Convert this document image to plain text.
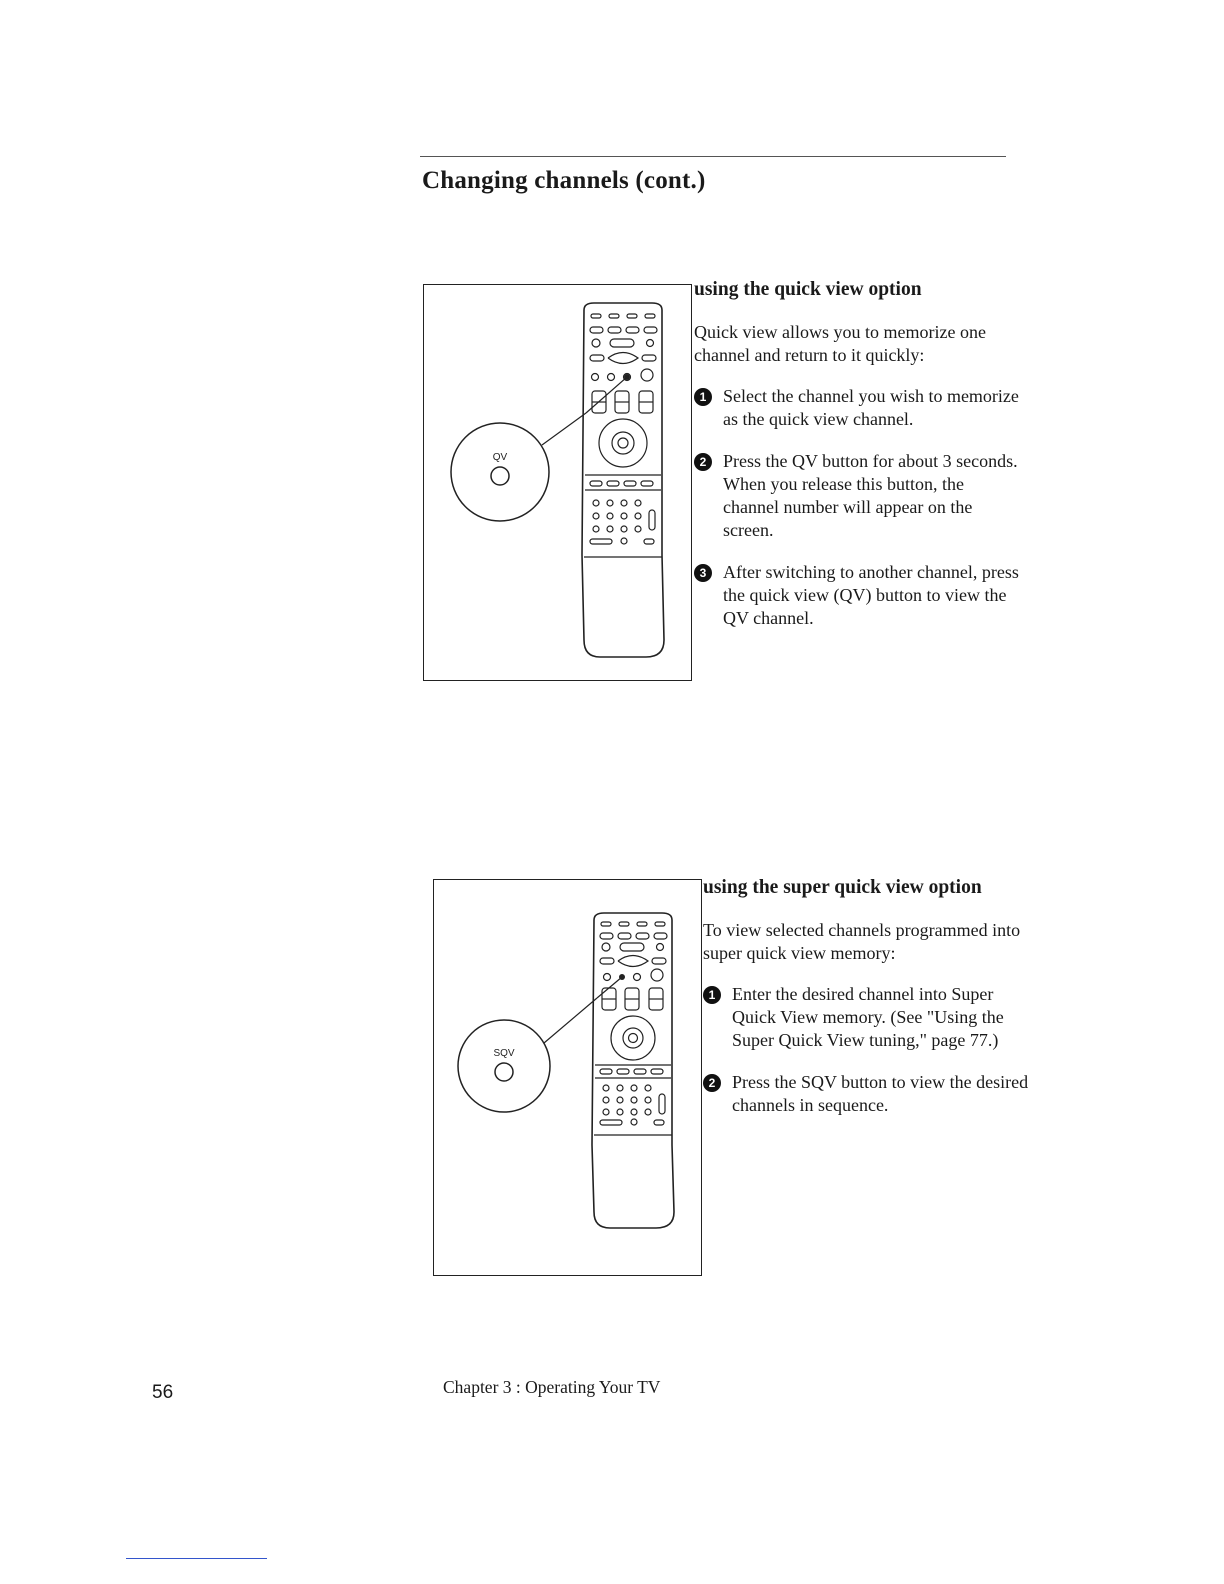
Changing channels (cont.)
QV
using the quick view option

Quick view allows you to memorize one channel and return to it quickly:

1 Select the channel you wish to memorize as the quick view channel.
2 Press the QV button for about 3 seconds. When you release this button, the channel number will appear on the screen.
3 After switching to another channel, press the quick view (QV) button to view the QV channel.
SQV
using the super quick view option

To view selected channels programmed into super quick view memory:

1 Enter the desired channel into Super Quick View memory. (See "Using the Super Quick View tuning," page 77.)
2 Press the SQV button to view the desired channels in sequence.
56	Chapter 3 : Operating Your TV
